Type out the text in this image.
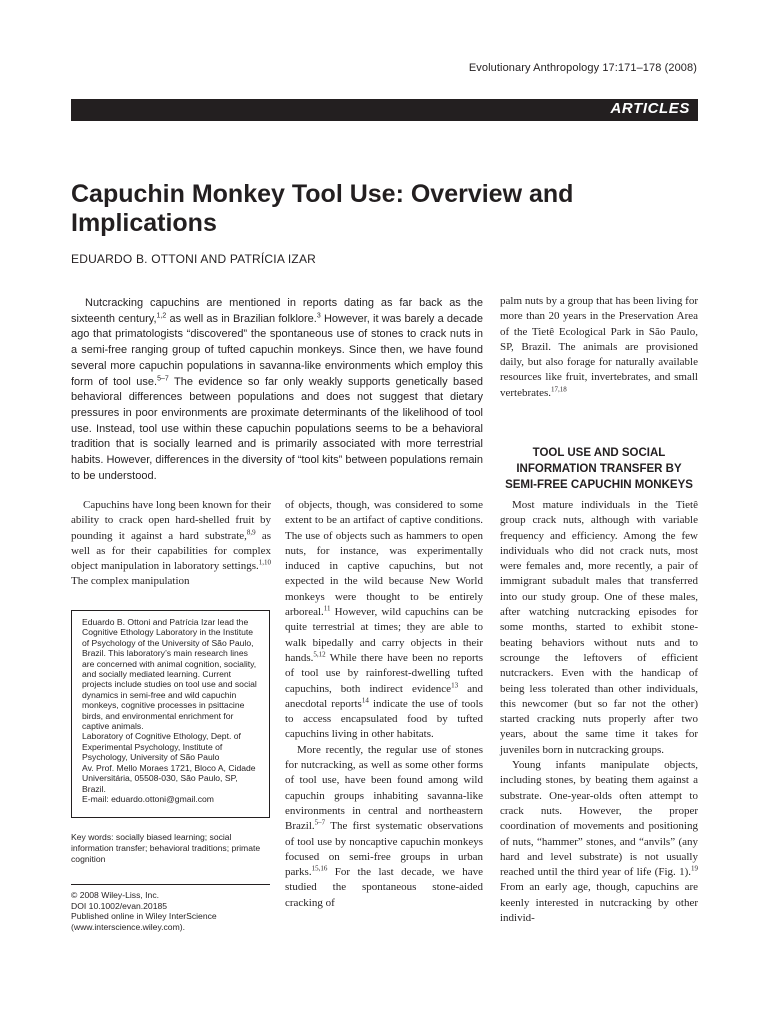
Evolutionary Anthropology 17:171–178 (2008)
ARTICLES
Capuchin Monkey Tool Use: Overview and Implications
EDUARDO B. OTTONI AND PATRÍCIA IZAR
Nutcracking capuchins are mentioned in reports dating as far back as the sixteenth century,$^{1,2}$ as well as in Brazilian folklore.$^3$ However, it was barely a decade ago that primatologists “discovered” the spontaneous use of stones to crack nuts in a semi-free ranging group of tufted capuchin monkeys. Since then, we have found several more capuchin populations in savanna-like environments which employ this form of tool use.$^{5-7}$ The evidence so far only weakly supports genetically based behavioral differences between populations and does not suggest that dietary pressures in poor environments are proximate determinants of the likelihood of tool use. Instead, tool use within these capuchin populations seems to be a behavioral tradition that is socially learned and is primarily associated with more terrestrial habits. However, differences in the diversity of “tool kits” between populations remain to be understood.
palm nuts by a group that has been living for more than 20 years in the Preservation Area of the Tietê Ecological Park in São Paulo, SP, Brazil. The animals are provisioned daily, but also forage for naturally available resources like fruit, invertebrates, and small vertebrates.$^{17,18}$
TOOL USE AND SOCIAL INFORMATION TRANSFER BY SEMI-FREE CAPUCHIN MONKEYS

Capuchins have long been known for their ability to crack open hard-shelled fruit by pounding it against a hard substrate,$^{8,9}$ as well as for their capabilities for complex object manipulation in laboratory settings.$^{1,10}$ The complex manipulation

Eduardo B. Ottoni and Patrícia Izar lead the Cognitive Ethology Laboratory in the Institute of Psychology of the University of São Paulo, Brazil. This laboratory’s main research lines are concerned with animal cognition, sociality, and socially mediated learning. Current projects include studies on tool use and social dynamics in semi-free and wild capuchin monkeys, cognitive processes in psittacine birds, and environmental enrichment for captive animals.
Laboratory of Cognitive Ethology, Dept. of Experimental Psychology, Institute of Psychology, University of São Paulo
Av. Prof. Mello Moraes 1721, Bloco A, Cidade Universitária, 05508-030, São Paulo, SP, Brazil.
E-mail: eduardo.ottoni@gmail.com
Key words: socially biased learning; social information transfer; behavioral traditions; primate cognition
© 2008 Wiley-Liss, Inc.
DOI 10.1002/evan.20185
Published online in Wiley InterScience
(www.interscience.wiley.com).

of objects, though, was considered to some extent to be an artifact of captive conditions. The use of objects such as hammers to open nuts, for instance, was experimentally induced in captive capuchins, but not expected in the wild because New World monkeys were thought to be entirely arboreal.$^{11}$ However, wild capuchins can be quite terrestrial at times; they are able to walk bipedally and carry objects in their hands.$^{5,12}$ While there have been no reports of tool use by rainforest-dwelling tufted capuchins, both indirect evidence$^{13}$ and anecdotal reports$^{14}$ indicate the use of tools to access encapsulated food by tufted capuchins living in other habitats.

More recently, the regular use of stones for nutcracking, as well as some other forms of tool use, have been found among wild capuchin groups inhabiting savanna-like environments in central and northeastern Brazil.$^{5-7}$ The first systematic observations of tool use by noncaptive capuchin monkeys focused on semi-free groups in urban parks.$^{15,16}$ For the last decade, we have studied the spontaneous stone-aided cracking of

Most mature individuals in the Tietê group crack nuts, although with variable frequency and efficiency. Among the few individuals who did not crack nuts, most were females and, more recently, a pair of immigrant subadult males that transferred into our study group. One of these males, after watching nutcracking episodes for some months, started to exhibit stone-beating behaviors without nuts and to scrounge the leftovers of efficient nutcrackers. Even with the handicap of being less tolerated than other individuals, this newcomer (but so far not the other) started cracking nuts properly after two years, about the same time it takes for juveniles born in nutcracking groups.

Young infants manipulate objects, including stones, by beating them against a substrate. One-year-olds often attempt to crack nuts. However, the proper coordination of movements and positioning of nuts, “hammer” stones, and “anvils” (any hard and level substrate) is not usually reached until the third year of life (Fig. 1).$^{19}$ From an early age, though, capuchins are keenly interested in nutcracking by other individ-
